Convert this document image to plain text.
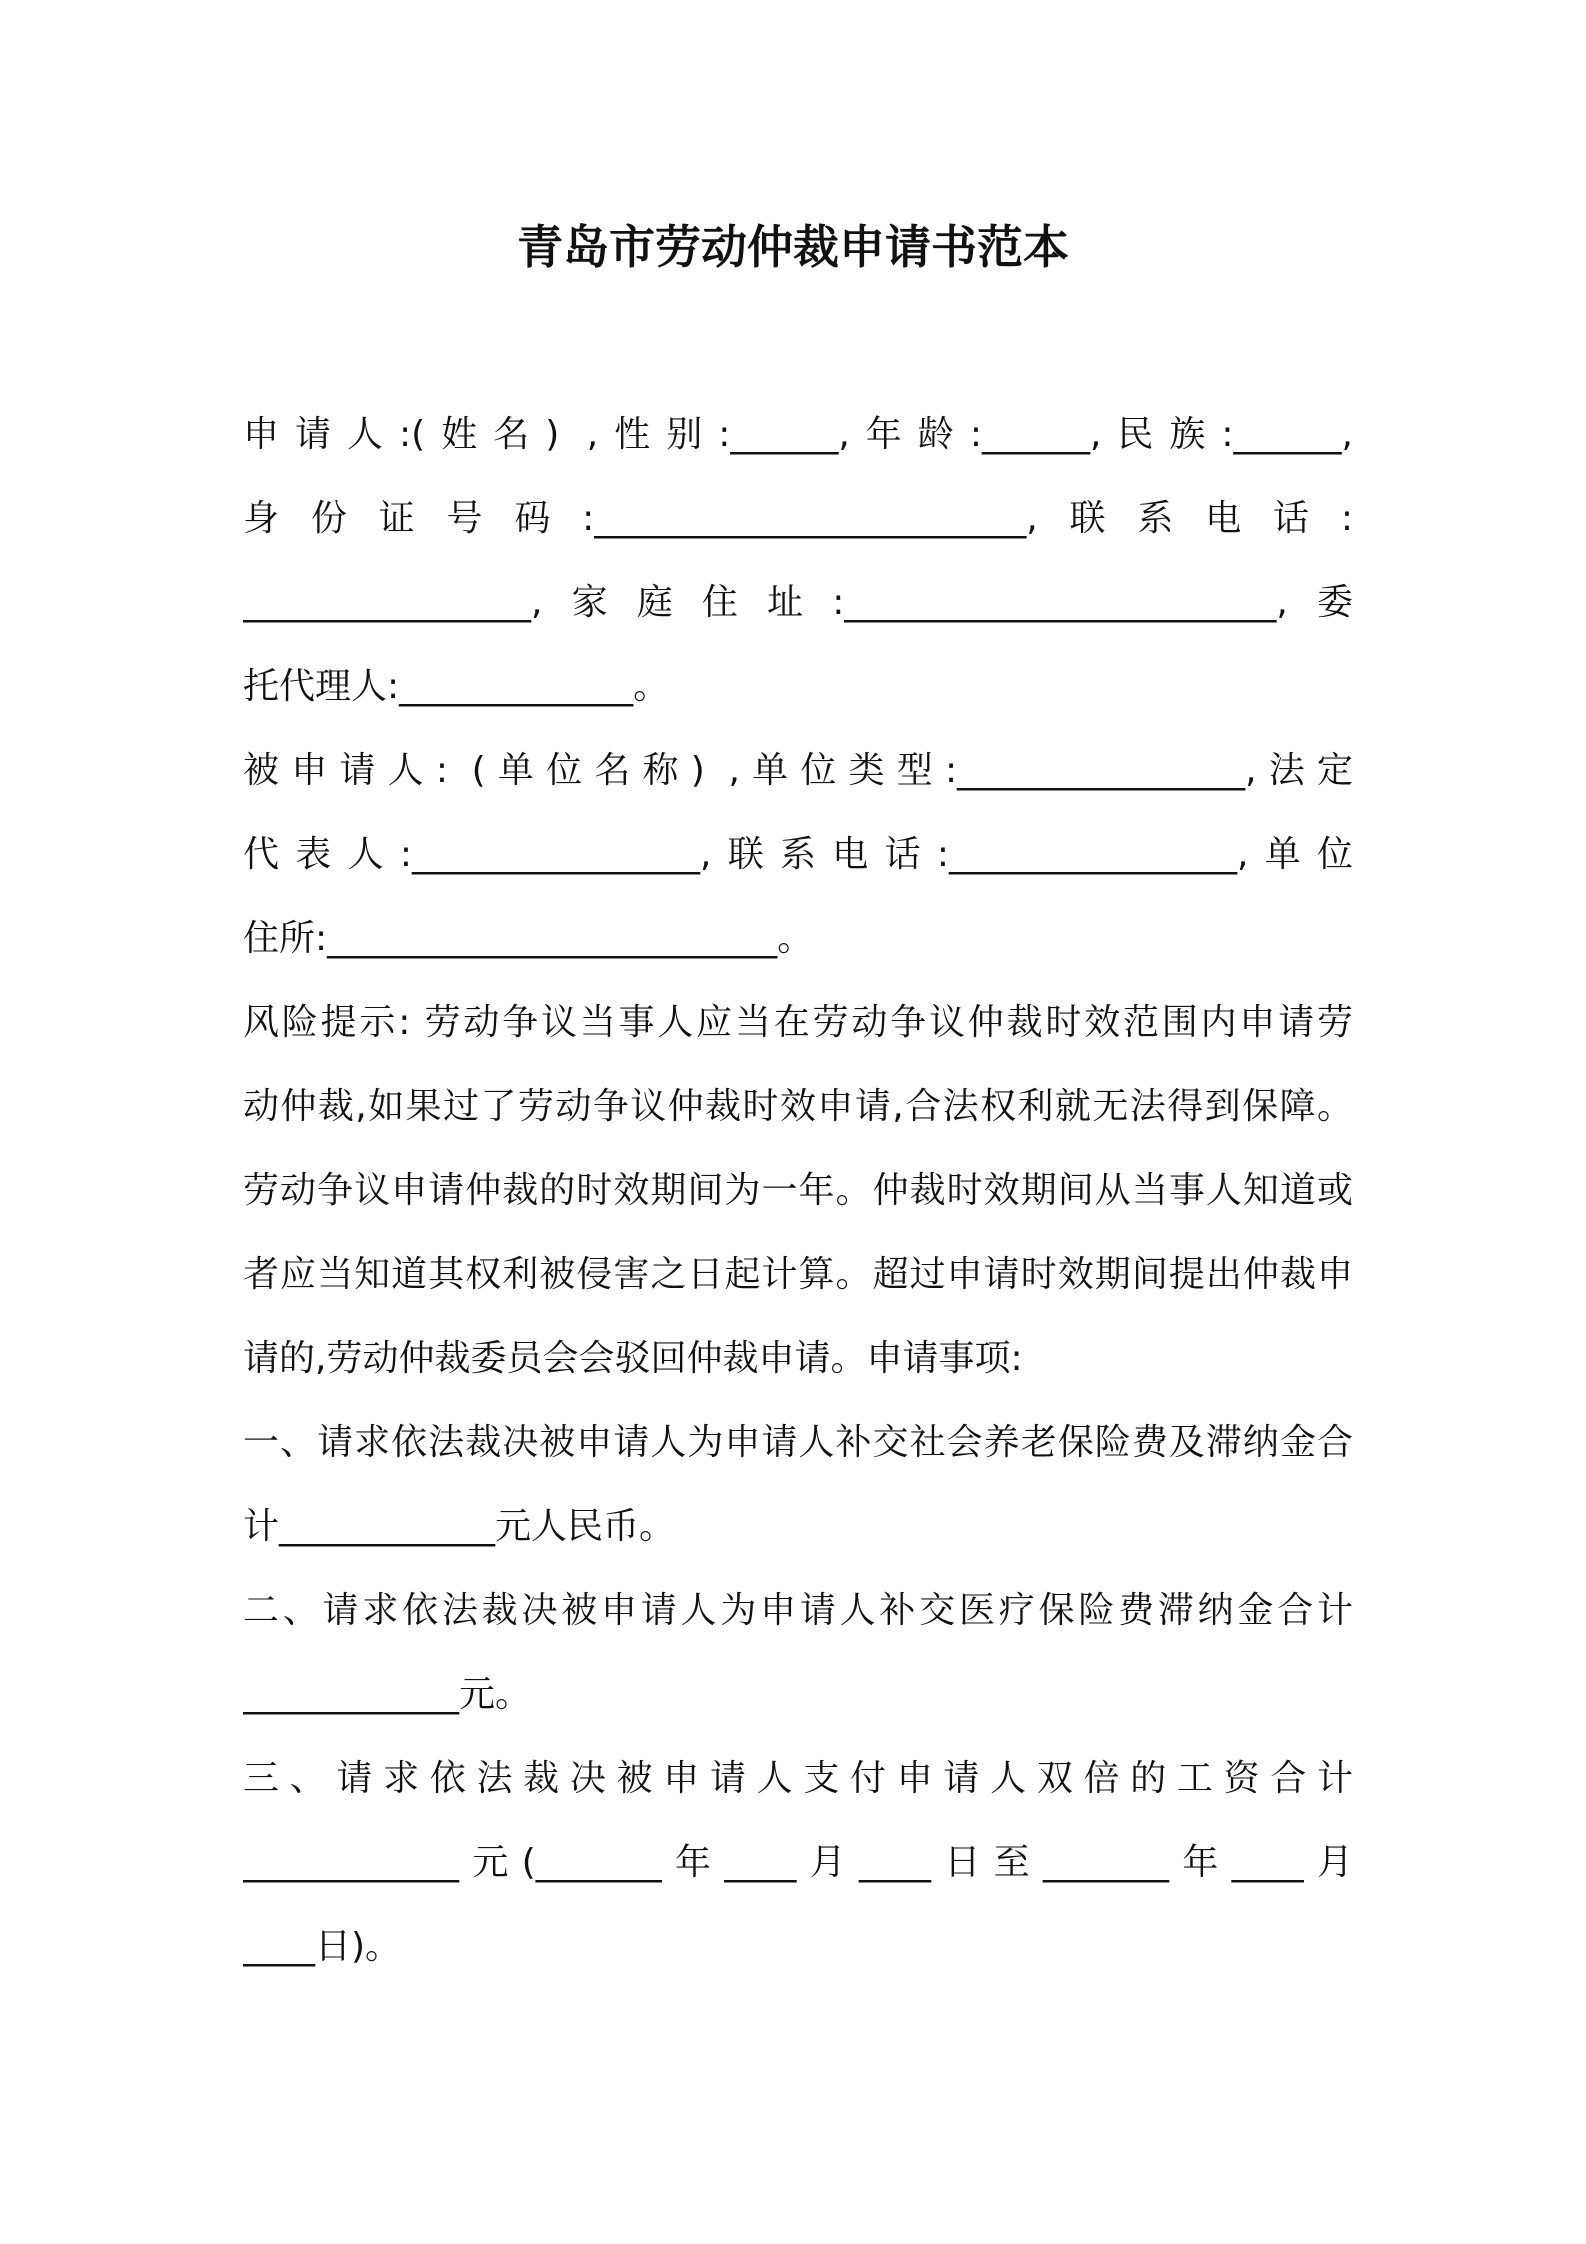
青岛市劳动仲裁申请书范本
申请人:(姓名) ,性别:______,年龄:______,民族:______,
身份证号码:________________________,联系电话:
________________,家庭住址:________________________,委
托代理人:_____________。
被申请人: (单位名称) ,单位类型:________________,法定
代表人:________________,联系电话:________________,单位
住所:_________________________。
风险提示: 劳动争议当事人应当在劳动争议仲裁时效范围内申请劳
动仲裁,如果过了劳动争议仲裁时效申请,合法权利就无法得到保障。
劳动争议申请仲裁的时效期间为一年。仲裁时效期间从当事人知道或
者应当知道其权利被侵害之日起计算。超过申请时效期间提出仲裁申
请的,劳动仲裁委员会会驳回仲裁申请。申请事项:
一、请求依法裁决被申请人为申请人补交社会养老保险费及滞纳金合
计____________元人民币。
二、请求依法裁决被申请人为申请人补交医疗保险费滞纳金合计
____________元。
三、请求依法裁决被申请人支付申请人双倍的工资合计
____________元(_______年____月____日至_______年____月
____日)。
